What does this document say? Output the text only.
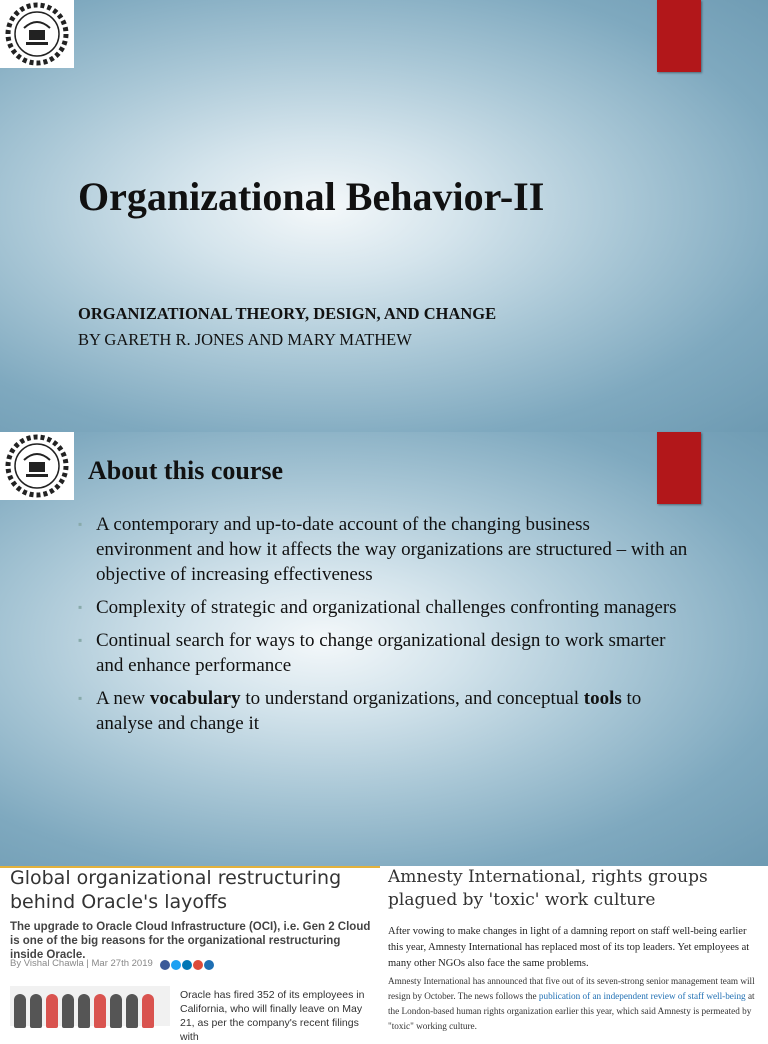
Organizational Behavior-II
ORGANIZATIONAL THEORY, DESIGN, AND CHANGE
BY GARETH R. JONES AND MARY MATHEW
About this course
▪ A contemporary and up-to-date account of the changing business environment and how it affects the way organizations are structured – with an objective of increasing effectiveness
▪ Complexity of strategic and organizational challenges confronting managers
▪ Continual search for ways to change organizational design to work smarter and enhance performance
▪ A new vocabulary to understand organizations, and conceptual tools to analyse and change it
Global organizational restructuring behind Oracle's layoffs
The upgrade to Oracle Cloud Infrastructure (OCI), i.e. Gen 2 Cloud is one of the big reasons for the organizational restructuring inside Oracle.
By Vishal Chawla | Mar 27th 2019
Oracle has fired 352 of its employees in California, who will finally leave on May 21, as per the company's recent filings with
Amnesty International, rights groups plagued by 'toxic' work culture
After vowing to make changes in light of a damning report on staff well-being earlier this year, Amnesty International has replaced most of its top leaders. Yet employees at many other NGOs also face the same problems.
Amnesty International has announced that five out of its seven-strong senior management team will resign by October. The news follows the publication of an independent review of staff well-being at the London-based human rights organization earlier this year, which said Amnesty is permeated by "toxic" working culture.
